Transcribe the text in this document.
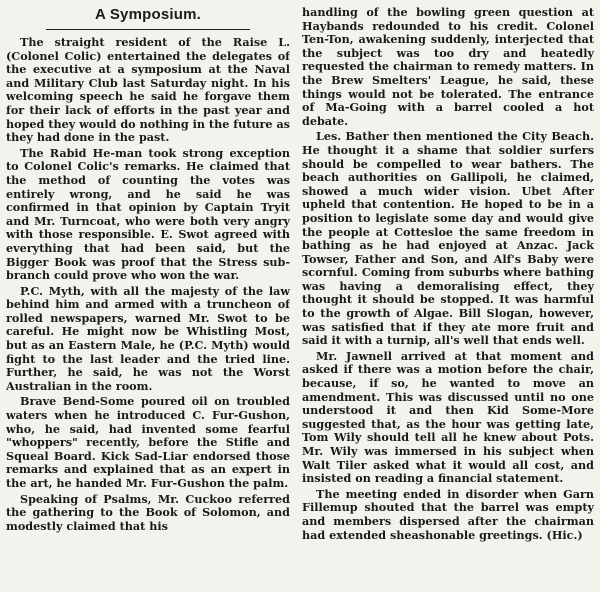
A Symposium.

The straight resident of the Raise L. (Colonel Colic) entertained the delegates of the executive at a symposium at the Naval and Military Club last Saturday night. In his welcoming speech he said he forgave them for their lack of efforts in the past year and hoped they would do nothing in the future as they had done in the past.

The Rabid He-man took strong exception to Colonel Colic's remarks. He claimed that the method of counting the votes was entirely wrong, and he said he was confirmed in that opinion by Captain Tryit and Mr. Turncoat, who were both very angry with those responsible. E. Swot agreed with everything that had been said, but the Bigger Book was proof that the Stress sub-branch could prove who won the war.

P.C. Myth, with all the majesty of the law behind him and armed with a truncheon of rolled newspapers, warned Mr. Swot to be careful. He might now be Whistling Most, but as an Eastern Male, he (P.C. Myth) would fight to the last leader and the tried line. Further, he said, he was not the Worst Australian in the room.

Brave Bend-Some poured oil on troubled waters when he introduced C. Fur-Gushon, who, he said, had invented some fearful "whoppers" recently, before the Stifle and Squeal Board. Kick Sad-Liar endorsed those remarks and explained that as an expert in the art, he handed Mr. Fur-Gushon the palm.

Speaking of Psalms, Mr. Cuckoo referred the gathering to the Book of Solomon, and modestly claimed that his

handling of the bowling green question at Haybands redounded to his credit. Colonel Ten-Ton, awakening suddenly, interjected that the subject was too dry and heatedly requested the chairman to remedy matters. In the Brew Smelters' League, he said, these things would not be tolerated. The entrance of Ma-Going with a barrel cooled a hot debate.

Les. Bather then mentioned the City Beach. He thought it a shame that soldier surfers should be compelled to wear bathers. The beach authorities on Gallipoli, he claimed, showed a much wider vision. Ubet After upheld that contention. He hoped to be in a position to legislate some day and would give the people at Cottesloe the same freedom in bathing as he had enjoyed at Anzac. Jack Towser, Father and Son, and Alf's Baby were scornful. Coming from suburbs where bathing was having a demoralising effect, they thought it should be stopped. It was harmful to the growth of Algae. Bill Slogan, however, was satisfied that if they ate more fruit and said it with a turnip, all's well that ends well.

Mr. Jawnell arrived at that moment and asked if there was a motion before the chair, because, if so, he wanted to move an amendment. This was discussed until no one understood it and then Kid Some-More suggested that, as the hour was getting late, Tom Wily should tell all he knew about Pots. Mr. Wily was immersed in his subject when Walt Tiler asked what it would all cost, and insisted on reading a financial statement.

The meeting ended in disorder when Garn Fillemup shouted that the barrel was empty and members dispersed after the chairman had extended sheashonable greetings. (Hic.)
